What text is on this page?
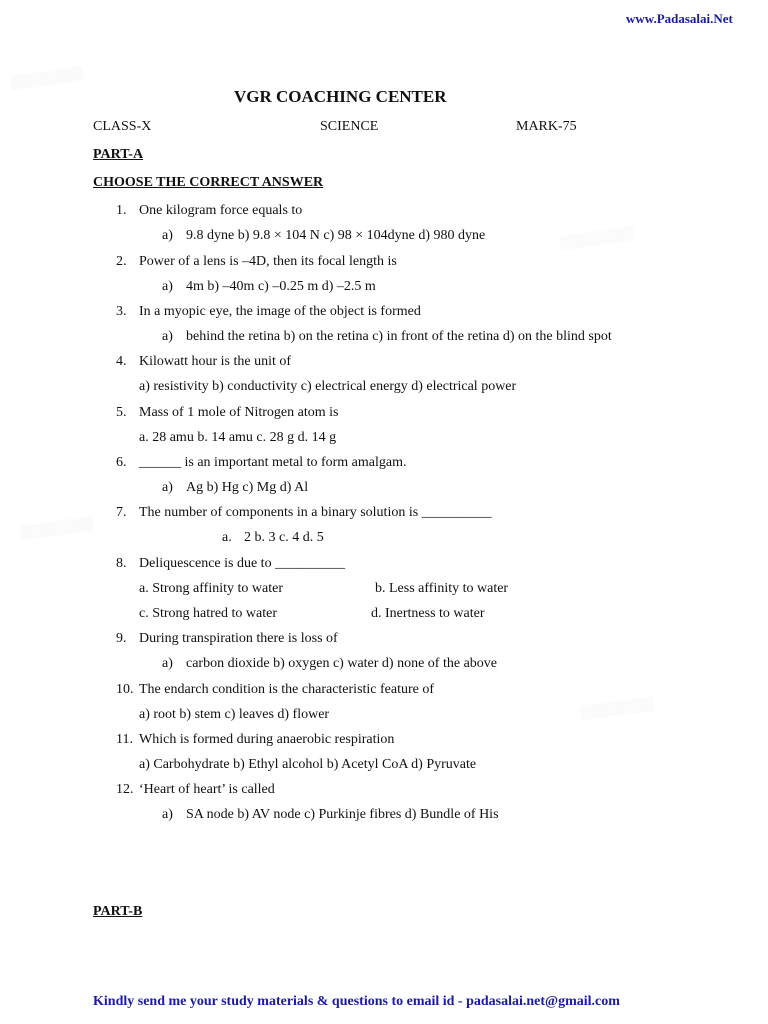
▒▒▒▒▒▒▒▒
▒▒▒▒▒▒▒▒
▒▒▒▒▒▒▒▒
▒▒▒▒▒▒▒▒
www.Padasalai.Net
VGR COACHING CENTER
CLASS-X	SCIENCE	MARK-75
PART-A
CHOOSE THE CORRECT ANSWER
1. One kilogram force equals to
a) 9.8 dyne b) 9.8 × 104 N c) 98 × 104dyne d) 980 dyne
2. Power of a lens is –4D, then its focal length is
a) 4m b) –40m c) –0.25 m d) –2.5 m
3. In a myopic eye, the image of the object is formed
a) behind the retina b) on the retina c) in front of the retina d) on the blind spot
4. Kilowatt hour is the unit of
a) resistivity b) conductivity c) electrical energy d) electrical power
5. Mass of 1 mole of Nitrogen atom is
a. 28 amu b. 14 amu c. 28 g d. 14 g
6. ______ is an important metal to form amalgam.
a) Ag b) Hg c) Mg d) Al
7. The number of components in a binary solution is __________
a. 2 b. 3 c. 4 d. 5
8. Deliquescence is due to __________
a. Strong affinity to water	b. Less affinity to water
c. Strong hatred to water	d. Inertness to water
9. During transpiration there is loss of
a) carbon dioxide b) oxygen c) water d) none of the above
10. The endarch condition is the characteristic feature of
a) root b) stem c) leaves d) flower
11. Which is formed during anaerobic respiration
a) Carbohydrate b) Ethyl alcohol b) Acetyl CoA d) Pyruvate
12. ‘Heart of heart’ is called
a) SA node b) AV node c) Purkinje fibres d) Bundle of His
PART-B
Kindly send me your study materials & questions to email id - padasalai.net@gmail.com
